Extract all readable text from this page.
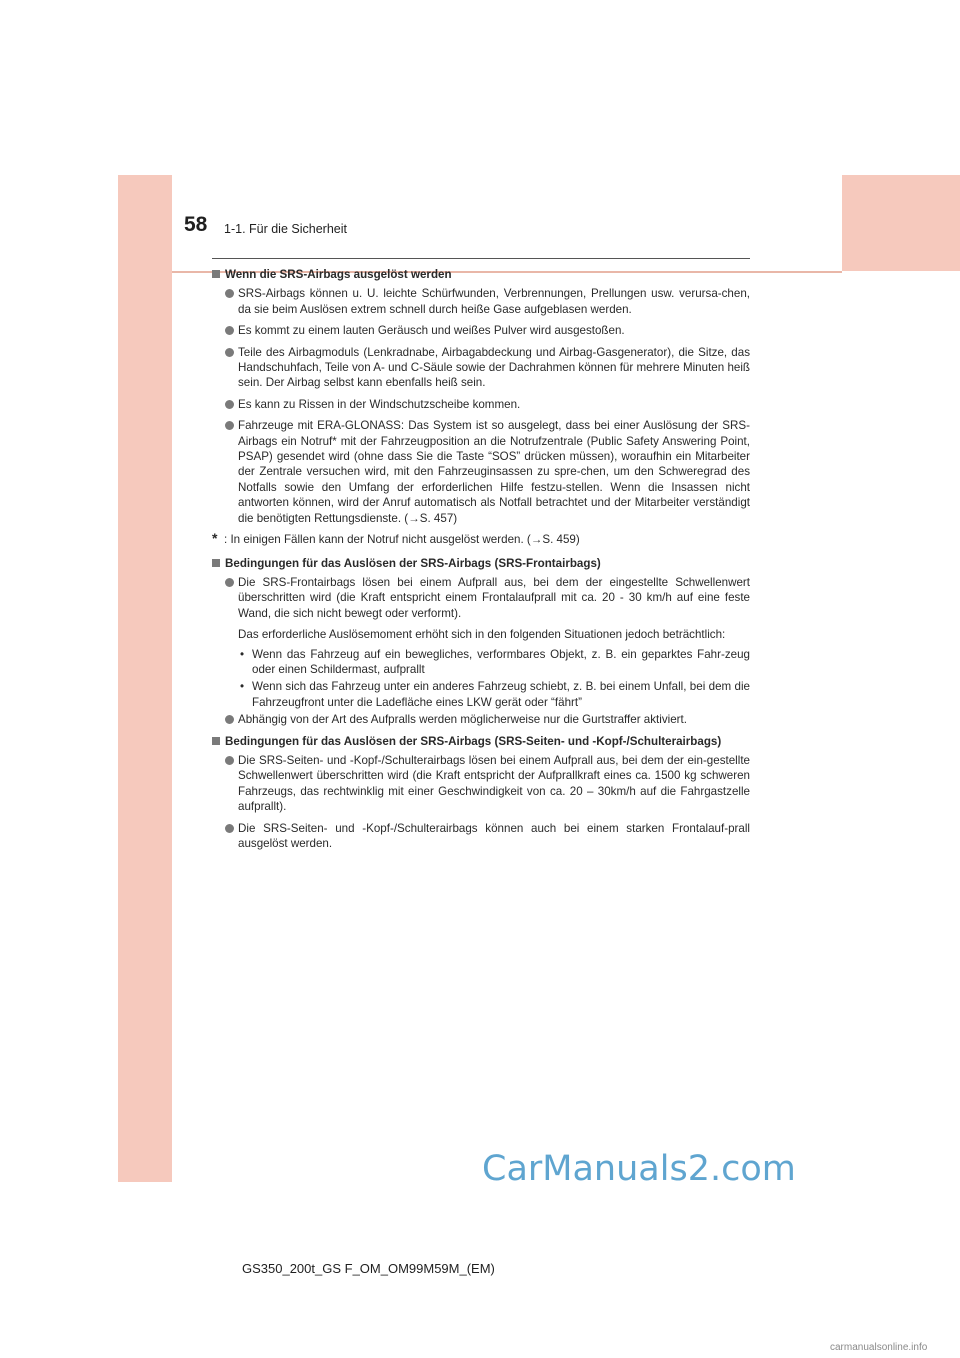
58 1-1. Für die Sicherheit
Wenn die SRS-Airbags ausgelöst werden
SRS-Airbags können u. U. leichte Schürfwunden, Verbrennungen, Prellungen usw. verursa-chen, da sie beim Auslösen extrem schnell durch heiße Gase aufgeblasen werden.
Es kommt zu einem lauten Geräusch und weißes Pulver wird ausgestoßen.
Teile des Airbagmoduls (Lenkradnabe, Airbagabdeckung und Airbag-Gasgenerator), die Sitze, das Handschuhfach, Teile von A- und C-Säule sowie der Dachrahmen können für mehrere Minuten heiß sein. Der Airbag selbst kann ebenfalls heiß sein.
Es kann zu Rissen in der Windschutzscheibe kommen.
Fahrzeuge mit ERA-GLONASS: Das System ist so ausgelegt, dass bei einer Auslösung der SRS-Airbags ein Notruf* mit der Fahrzeugposition an die Notrufzentrale (Public Safety Answering Point, PSAP) gesendet wird (ohne dass Sie die Taste “SOS” drücken müssen), woraufhin ein Mitarbeiter der Zentrale versuchen wird, mit den Fahrzeuginsassen zu spre-chen, um den Schweregrad des Notfalls sowie den Umfang der erforderlichen Hilfe festzu-stellen. Wenn die Insassen nicht antworten können, wird der Anruf automatisch als Notfall betrachtet und der Mitarbeiter verständigt die benötigten Rettungsdienste. (→S. 457)
* : In einigen Fällen kann der Notruf nicht ausgelöst werden. (→S. 459)
Bedingungen für das Auslösen der SRS-Airbags (SRS-Frontairbags)
Die SRS-Frontairbags lösen bei einem Aufprall aus, bei dem der eingestellte Schwellenwert überschritten wird (die Kraft entspricht einem Frontalaufprall mit ca. 20 - 30 km/h auf eine feste Wand, die sich nicht bewegt oder verformt).
Das erforderliche Auslösemoment erhöht sich in den folgenden Situationen jedoch beträchtlich:
• Wenn das Fahrzeug auf ein bewegliches, verformbares Objekt, z. B. ein geparktes Fahr-zeug oder einen Schildermast, aufprallt
• Wenn sich das Fahrzeug unter ein anderes Fahrzeug schiebt, z. B. bei einem Unfall, bei dem die Fahrzeugfront unter die Ladefläche eines LKW gerät oder “fährt”
Abhängig von der Art des Aufpralls werden möglicherweise nur die Gurtstraffer aktiviert.
Bedingungen für das Auslösen der SRS-Airbags (SRS-Seiten- und -Kopf-/Schulterairbags)
Die SRS-Seiten- und -Kopf-/Schulterairbags lösen bei einem Aufprall aus, bei dem der ein-gestellte Schwellenwert überschritten wird (die Kraft entspricht der Aufprallkraft eines ca. 1500 kg schweren Fahrzeugs, das rechtwinklig mit einer Geschwindigkeit von ca. 20 – 30km/h auf die Fahrgastzelle aufprallt).
Die SRS-Seiten- und -Kopf-/Schulterairbags können auch bei einem starken Frontalauf-prall ausgelöst werden.
CarManuals2.com
GS350_200t_GS F_OM_OM99M59M_(EM)
carmanualsonline.info
